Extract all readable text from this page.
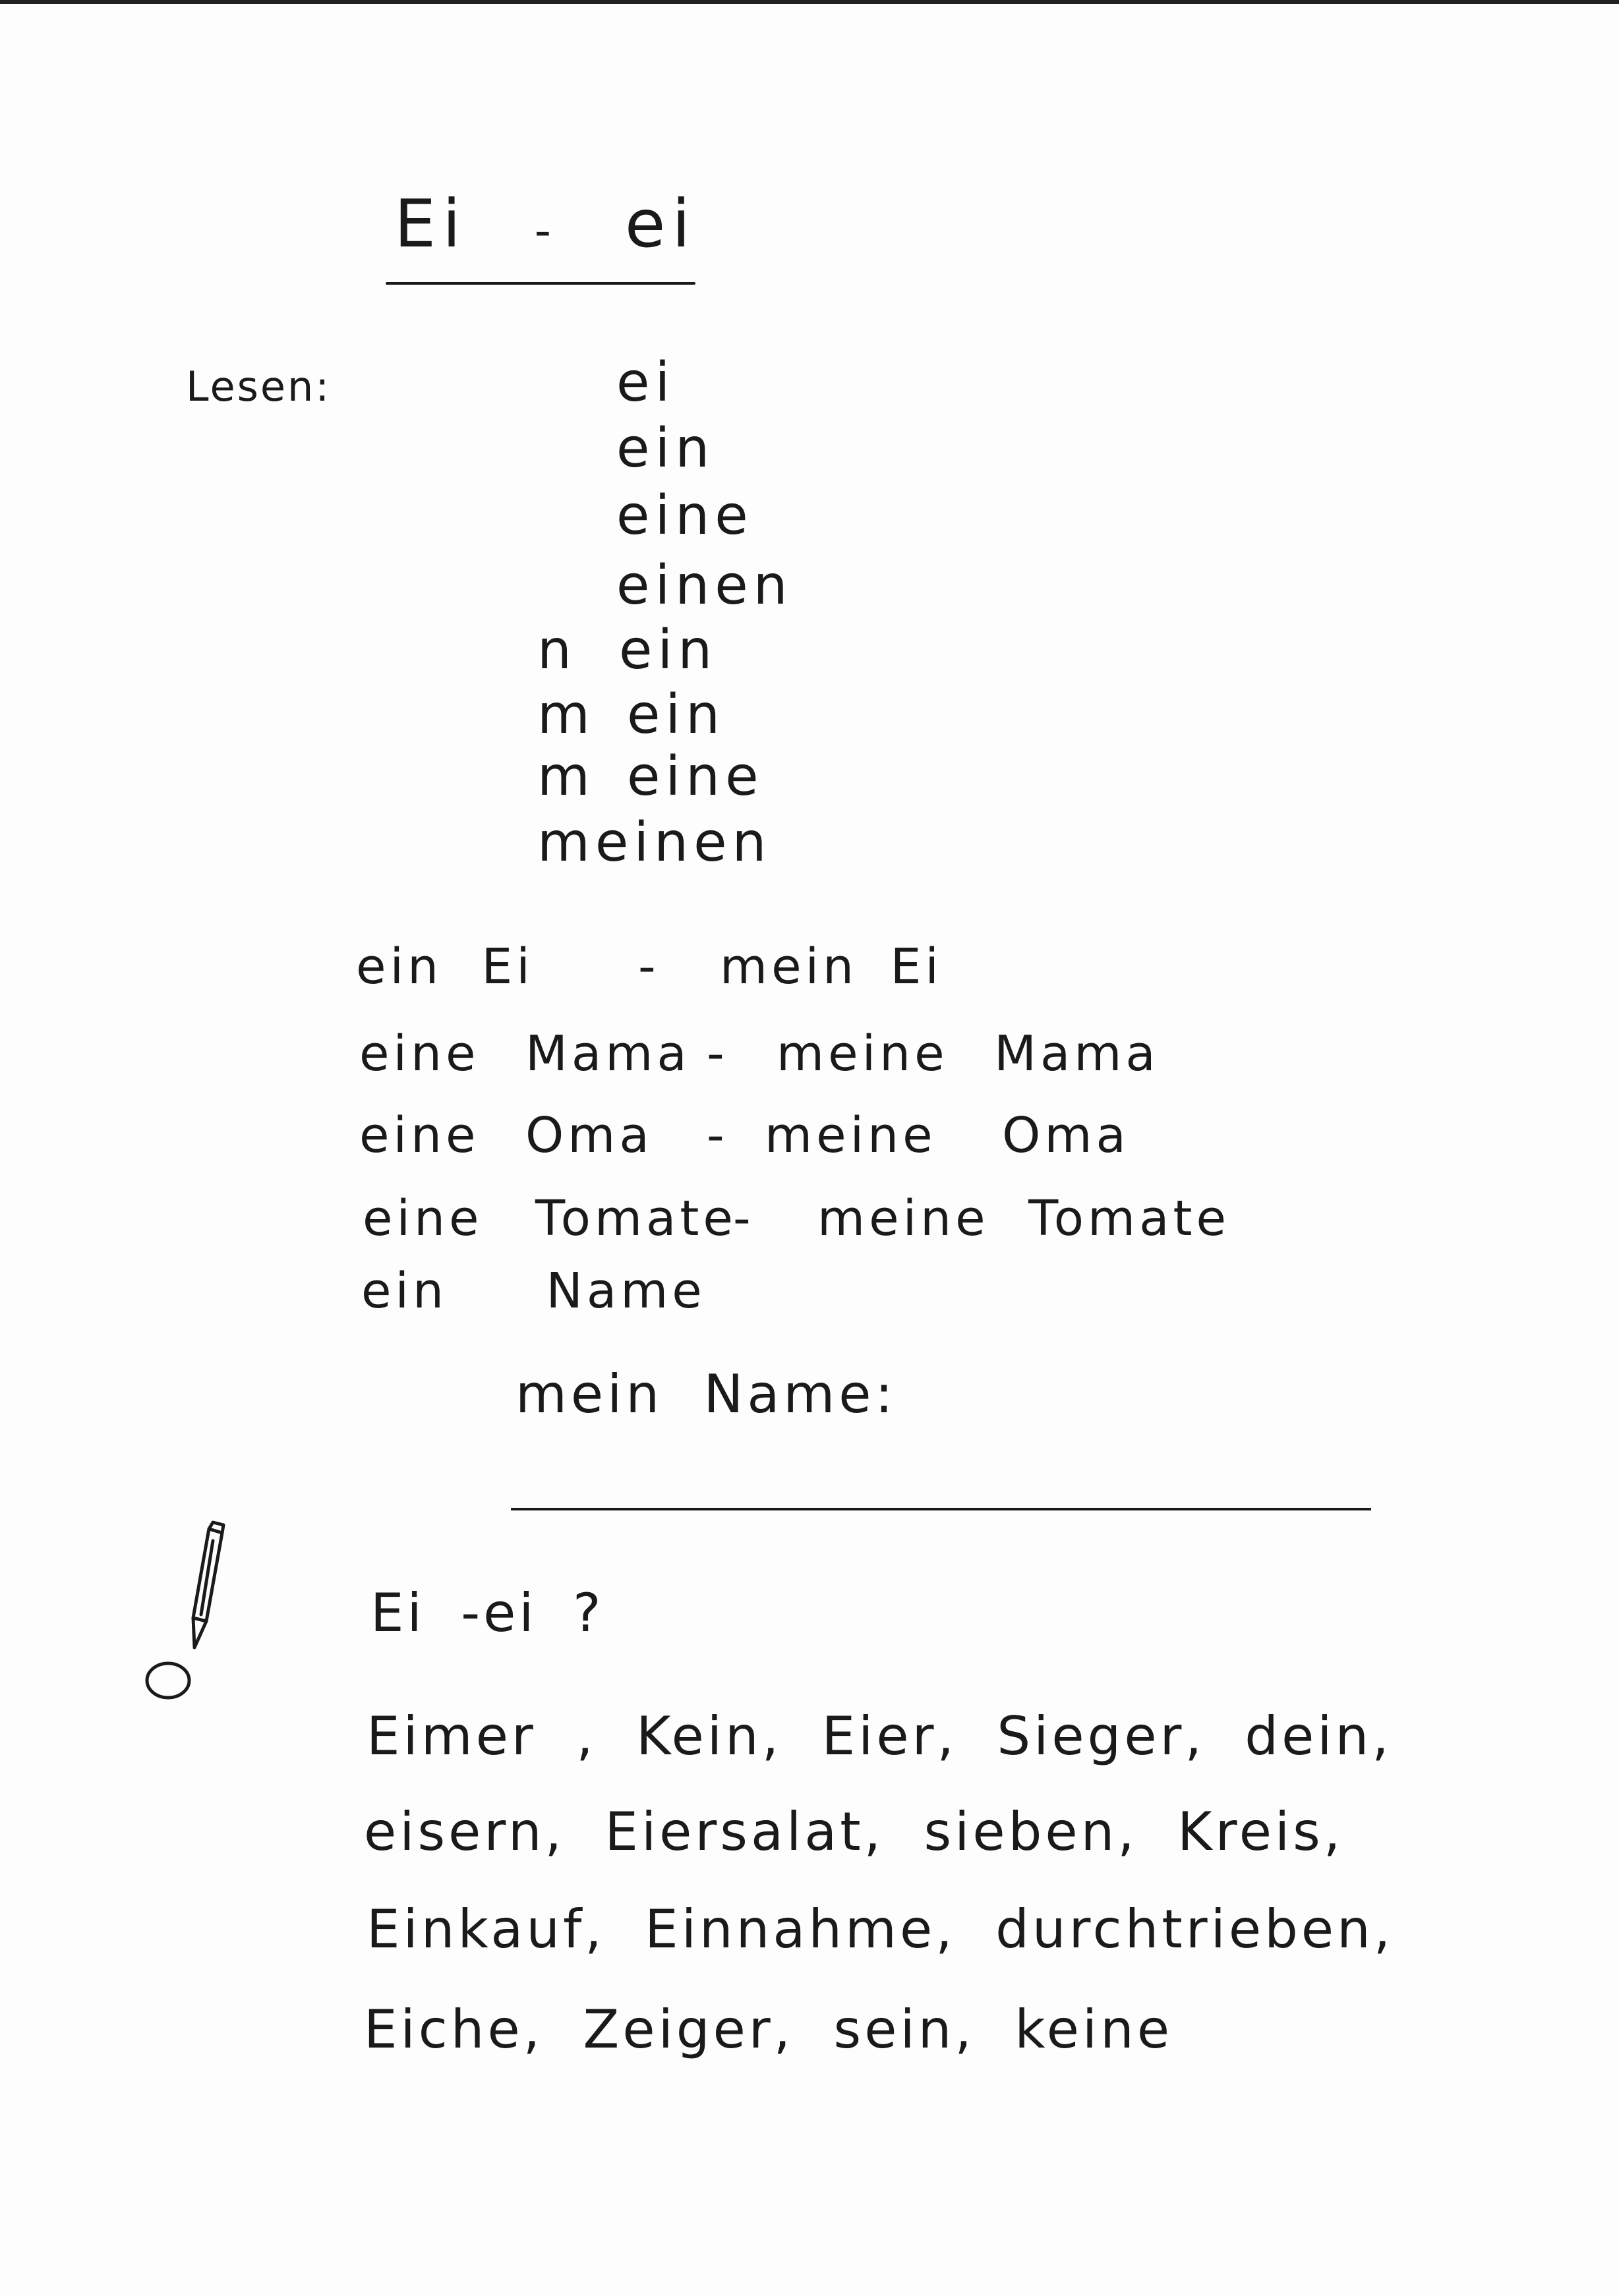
Ei - ei
Lesen:	ei
ein
eine
einen
n ein
m ein
m eine
meinen
ein Ei - mein Ei
eine Mama - meine Mama
eine Oma - meine Oma
eine Tomate
- meine Tomate
ein Name
mein Name:
Ei -ei ?
Eimer , Kein, Eier, Sieger, dein,
eisern, Eiersalat, sieben, Kreis,
Einkauf, Einnahme, durchtrieben,
Eiche, Zeiger, sein, keine
